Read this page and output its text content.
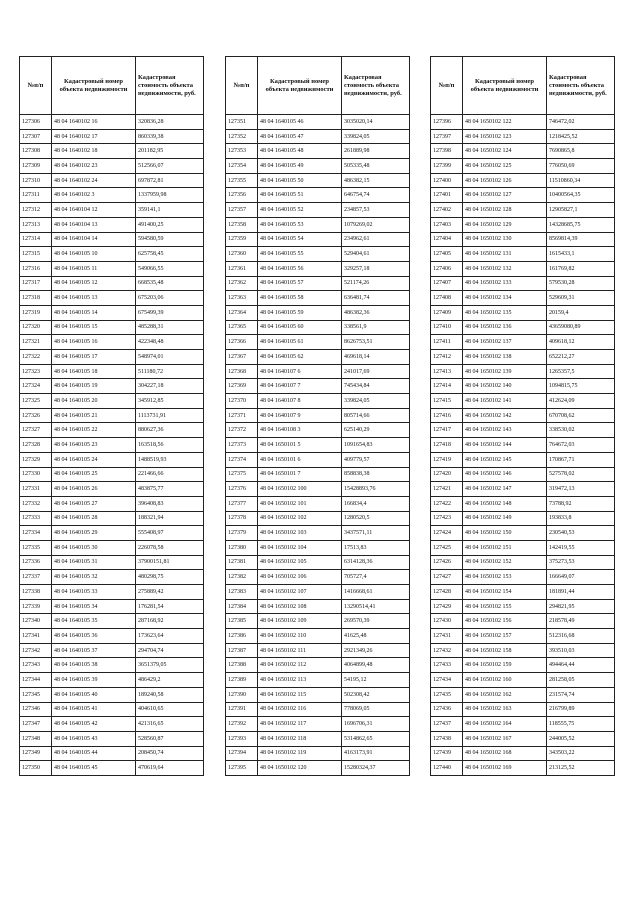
№п/п	Кадастровый номер объекта недвижимости	Кадастровая стоимость объекта недвижимости, руб.
127306	48 04 1640102 16	320836,28
127307	48 04 1640102 17	860339,38
127308	48 04 1640102 18	201182,95
127309	48 04 1640102 23	512566,07
127310	48 04 1640102 24	697872,81
127311	48 04 1640102 3	1337959,98
127312	48 04 1640104 12	359141,1
127313	48 04 1640104 13	491400,25
127314	48 04 1640104 14	594580,59
127315	48 04 1640105 10	625758,45
127316	48 04 1640105 11	549066,55
127317	48 04 1640105 12	668535,48
127318	48 04 1640105 13	675203,06
127319	48 04 1640105 14	675499,39
127320	48 04 1640105 15	485288,31
127321	48 04 1640105 16	422348,48
127322	48 04 1640105 17	548974,01
127323	48 04 1640105 18	511180,72
127324	48 04 1640105 19	304227,18
127325	48 04 1640105 20	345912,85
127326	48 04 1640105 21	1113731,91
127327	48 04 1640105 22	880627,36
127328	48 04 1640105 23	163518,56
127329	48 04 1640105 24	1488519,93
127330	48 04 1640105 25	221466,66
127331	48 04 1640105 26	483875,77
127332	48 04 1640105 27	396408,83
127333	48 04 1640105 28	188321,94
127334	48 04 1640105 29	555408,97
127335	48 04 1640105 30	226078,58
127336	48 04 1640105 31	37900151,81
127337	48 04 1640105 32	480298,75
127338	48 04 1640105 33	275889,42
127339	48 04 1640105 34	176281,54
127340	48 04 1640105 35	287168,92
127341	48 04 1640105 36	173623,64
127342	48 04 1640105 37	294704,74
127343	48 04 1640105 38	3651379,05
127344	48 04 1640105 39	486429,2
127345	48 04 1640105 40	189240,58
127346	48 04 1640105 41	404610,65
127347	48 04 1640105 42	421316,65
127348	48 04 1640105 43	528560,87
127349	48 04 1640105 44	208450,74
127350	48 04 1640105 45	470619,64
№п/п	Кадастровый номер объекта недвижимости	Кадастровая стоимость объекта недвижимости, руб.
127351	48 04 1640105 46	3035020,14
127352	48 04 1640105 47	339824,05
127353	48 04 1640105 48	261889,98
127354	48 04 1640105 49	505335,48
127355	48 04 1640105 50	486382,15
127356	48 04 1640105 51	646754,74
127357	48 04 1640105 52	234857,53
127358	48 04 1640105 53	1079269,02
127359	48 04 1640105 54	234962,61
127360	48 04 1640105 55	529404,61
127361	48 04 1640105 56	329257,18
127362	48 04 1640105 57	521174,26
127363	48 04 1640105 58	636481,74
127364	48 04 1640105 59	486382,36
127365	48 04 1640105 60	338561,9
127366	48 04 1640105 61	8626753,51
127367	48 04 1640105 62	469618,14
127368	48 04 1640107 6	241017,69
127369	48 04 1640107 7	745434,84
127370	48 04 1640107 8	339824,05
127371	48 04 1640107 9	805714,66
127372	48 04 1640108 3	625140,29
127373	48 04 1650101 5	1091654,83
127374	48 04 1650101 6	409779,57
127375	48 04 1650101 7	858838,38
127376	48 04 1650102 100	15428893,76
127377	48 04 1650102 101	166834,4
127378	48 04 1650102 102	1280520,5
127379	48 04 1650102 103	3437571,11
127380	48 04 1650102 104	17513,83
127381	48 04 1650102 105	6314128,36
127382	48 04 1650102 106	705727,4
127383	48 04 1650102 107	1416668,61
127384	48 04 1650102 108	13290514,41
127385	48 04 1650102 109	269570,39
127386	48 04 1650102 110	41625,48
127387	48 04 1650102 111	2921349,26
127388	48 04 1650102 112	4064899,48
127389	48 04 1650102 113	54195,12
127390	48 04 1650102 115	502308,42
127391	48 04 1650102 116	778069,05
127392	48 04 1650102 117	1696706,31
127393	48 04 1650102 118	5314862,65
127394	48 04 1650102 119	4163173,91
127395	48 04 1650102 120	15280324,37
№п/п	Кадастровый номер объекта недвижимости	Кадастровая стоимость объекта недвижимости, руб.
127396	48 04 1650102 122	746472,02
127397	48 04 1650102 123	1218425,52
127398	48 04 1650102 124	7690865,8
127399	48 04 1650102 125	776050,69
127400	48 04 1650102 126	11510860,34
127401	48 04 1650102 127	10400564,35
127402	48 04 1650102 128	12905827,1
127403	48 04 1650102 129	14328685,75
127404	48 04 1650102 130	8569814,39
127405	48 04 1650102 131	1615433,1
127406	48 04 1650102 132	161769,82
127407	48 04 1650102 133	579530,28
127408	48 04 1650102 134	529609,31
127409	48 04 1650102 135	20159,4
127410	48 04 1650102 136	43659080,89
127411	48 04 1650102 137	409618,12
127412	48 04 1650102 138	652212,27
127413	48 04 1650102 139	1265357,5
127414	48 04 1650102 140	1094815,75
127415	48 04 1650102 141	412624,09
127416	48 04 1650102 142	670708,62
127417	48 04 1650102 143	338530,02
127418	48 04 1650102 144	764672,03
127419	48 04 1650102 145	170867,71
127420	48 04 1650102 146	527578,02
127421	48 04 1650102 147	319472,13
127422	48 04 1650102 148	73788,92
127423	48 04 1650102 149	193833,8
127424	48 04 1650102 150	230540,53
127425	48 04 1650102 151	142419,55
127426	48 04 1650102 152	375273,53
127427	48 04 1650102 153	166649,07
127428	48 04 1650102 154	181891,44
127429	48 04 1650102 155	294821,95
127430	48 04 1650102 156	218578,49
127431	48 04 1650102 157	512316,68
127432	48 04 1650102 158	393510,03
127433	48 04 1650102 159	494464,44
127434	48 04 1650102 160	281258,05
127435	48 04 1650102 162	231574,74
127436	48 04 1650102 163	216799,89
127437	48 04 1650102 164	118555,75
127438	48 04 1650102 167	244005,52
127439	48 04 1650102 168	343503,22
127440	48 04 1650102 169	213125,52
